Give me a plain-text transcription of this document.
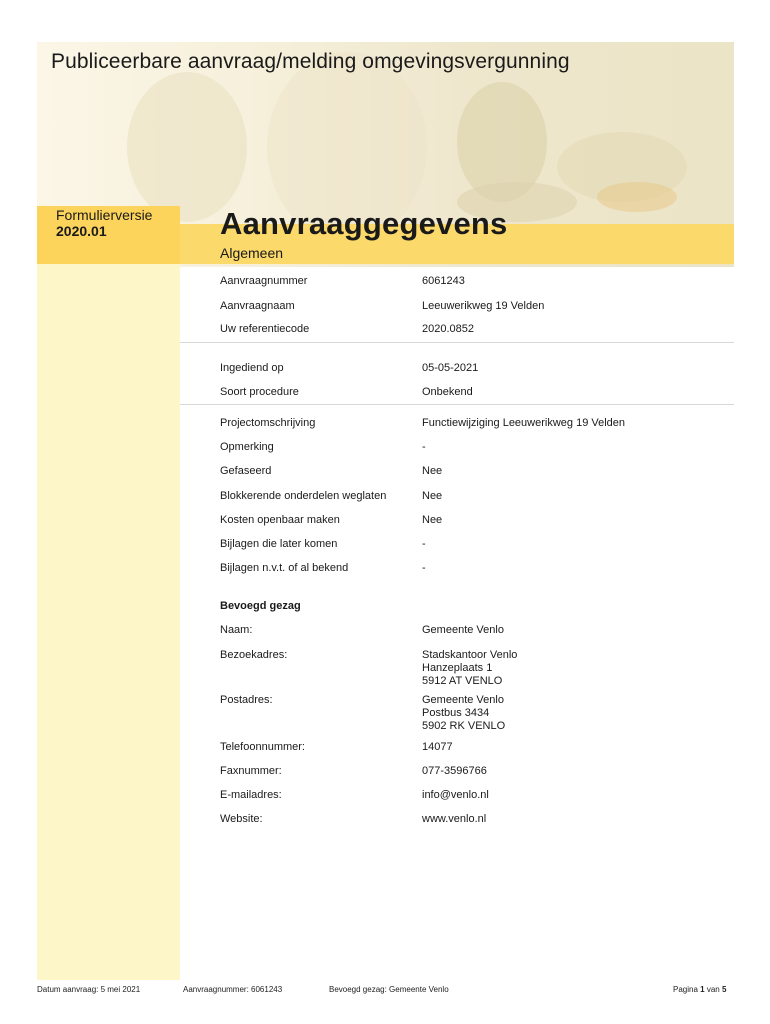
Publiceerbare aanvraag/melding omgevingsvergunning
Formulierversie
2020.01	Aanvraaggegevens
Algemeen
Aanvraagnummer	6061243
Aanvraagnaam	Leeuwerikweg 19 Velden
Uw referentiecode	2020.0852
Ingediend op	05-05-2021
Soort procedure	Onbekend
Projectomschrijving	Functiewijziging Leeuwerikweg 19 Velden
Opmerking	-
Gefaseerd	Nee
Blokkerende onderdelen weglaten	Nee
Kosten openbaar maken	Nee
Bijlagen die later komen	-
Bijlagen n.v.t. of al bekend	-
Bevoegd gezag
Naam:	Gemeente Venlo
Bezoekadres:	Stadskantoor Venlo
Hanzeplaats 1
5912 AT VENLO
Postadres:	Gemeente Venlo
Postbus 3434
5902 RK VENLO
Telefoonnummer:	14077
Faxnummer:	077-3596766
E-mailadres:	info@venlo.nl
Website:	www.venlo.nl
Datum aanvraag: 5 mei 2021	Aanvraagnummer: 6061243	Bevoegd gezag: Gemeente Venlo	Pagina 1 van 5
